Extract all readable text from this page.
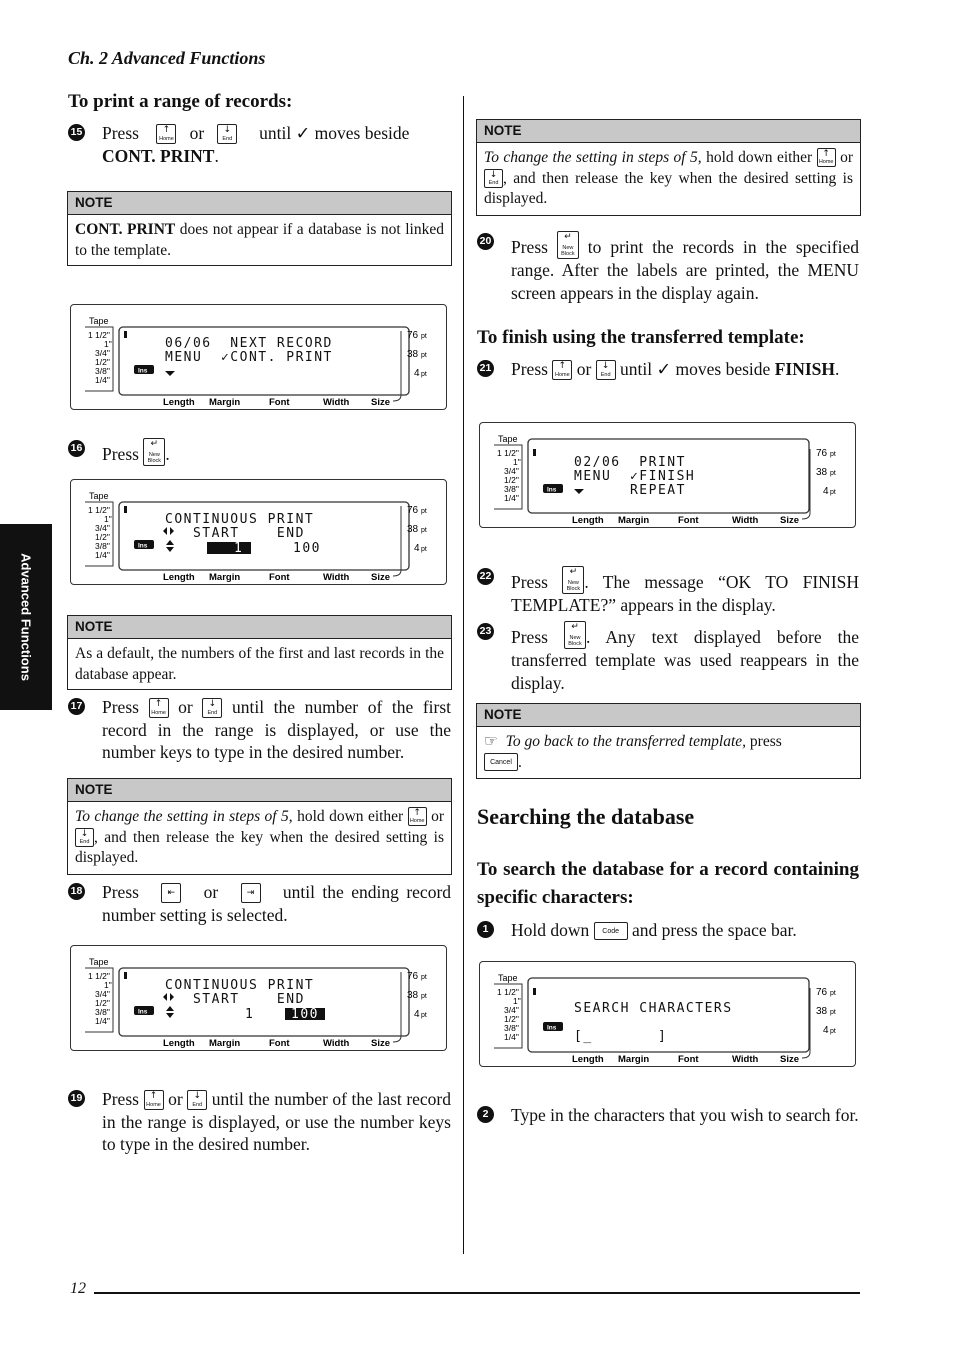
Ch. 2 Advanced Functions
Advanced Functions
To print a range of records:
15 Press	↑
Home or	↓
End until ✓ moves beside
CONT. PRINT.
NOTE
CONT. PRINT does not appear if a database is not linked to the template.
Tape
1 1/2"
1"
3/4"
1/2"
3/8"
1/4"
Ins
76 pt
38 pt
4 pt
Length Margin	Font	Width Size
06/06  NEXT RECORD
MENU  ✓CONT. PRINT
16 Press	↵
New Block .
Tape
1 1/2"
1"
3/4"
1/2"
3/8"
1/4"
Ins
76 pt
38 pt
4 pt
Length Margin	Font	Width Size
CONTINUOUS PRINT
START    END
1	100
NOTE
As a default, the numbers of the first and last records in the database appear.
17 Press	↑
Home or	↓
End until the number of the first record in the range is displayed, or use the number keys to type in the desired number.
NOTE
To change the setting in steps of 5, hold down either	↑
Home or
↓
End , and then release the key when the desired setting is displayed.
18 Press	⇤ or	⇥ until the ending record number setting is selected.
Tape
1 1/2"
1"
3/4"
1/2"
3/8"
1/4"
Ins
76 pt
38 pt
4 pt
Length Margin	Font	Width Size
CONTINUOUS PRINT
START    END
1	100
19 Press	↑
Home or	↓
End until the number of the last record in the range is displayed, or use the number keys to type in the desired number.
NOTE
To change the setting in steps of 5, hold down either	↑
Home or
↓
End , and then release the key when the desired setting is displayed.
20 Press	↵
New Block to print the records in the specified range. After the labels are printed, the MENU screen appears in the display again.
To finish using the transferred template:
21 Press	↑
Home or	↓
End until ✓ moves beside FINISH.
Tape
1 1/2"
1"
3/4"
1/2"
3/8"
1/4"
Ins
76 pt
38 pt
4 pt
Length Margin	Font	Width Size
02/06  PRINT
MENU  ✓FINISH
REPEAT
22 Press	↵
New Block . The message “OK TO FINISH TEMPLATE?” appears in the display.
23 Press	↵
New Block . Any text displayed before the transferred template was used reappears in the display.
NOTE
☞ To go back to the transferred template, press

Cancel .
Searching the database
To search the database for a record containing specific characters:
1	Hold down	Code and press the space bar.
Tape
1 1/2"
1"
3/4"
1/2"
3/8"
1/4"
Ins
76 pt
38 pt
4 pt
Length Margin	Font	Width Size
SEARCH CHARACTERS
[_       ]
2	Type in the characters that you wish to search for.
12
